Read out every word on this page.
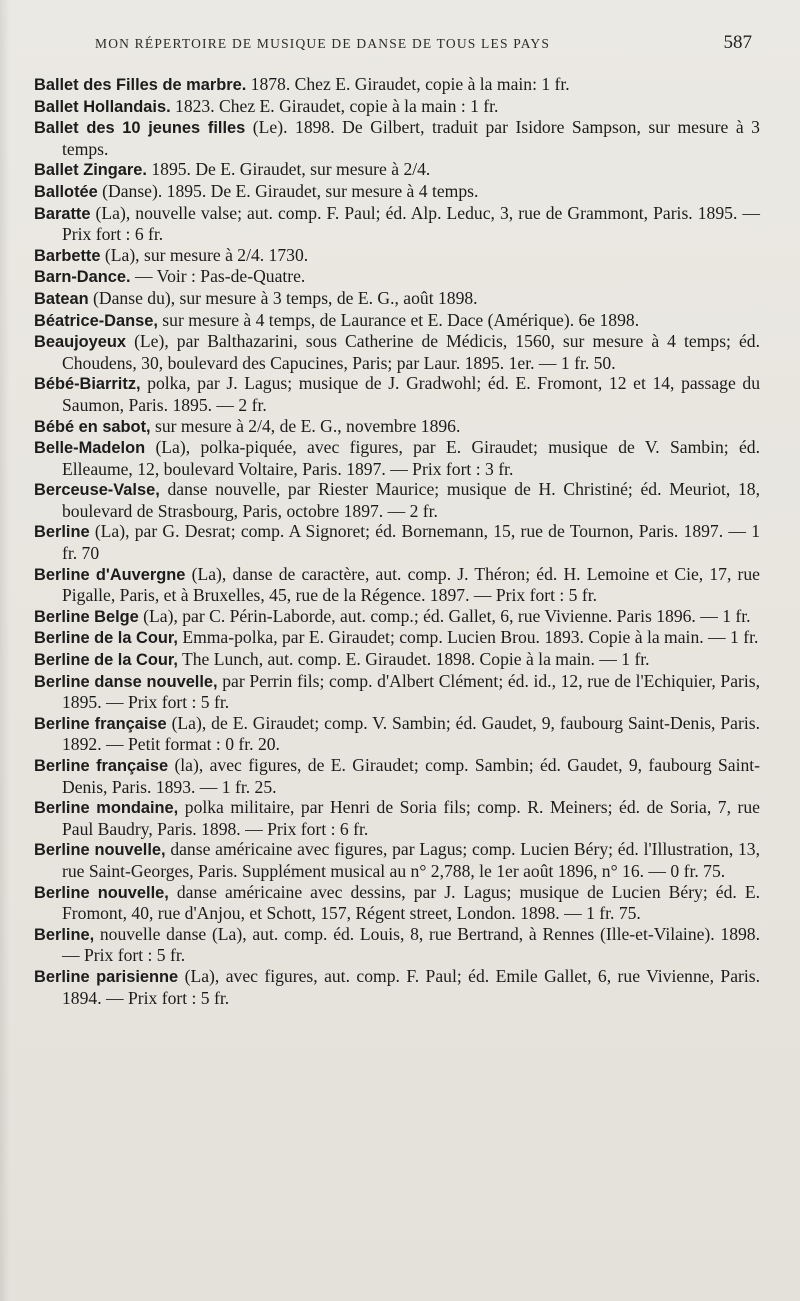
MON RÉPERTOIRE DE MUSIQUE DE DANSE DE TOUS LES PAYS	587

Ballet des Filles de marbre. 1878. Chez E. Giraudet, copie à la main: 1 fr.

Ballet Hollandais. 1823. Chez E. Giraudet, copie à la main : 1 fr.

Ballet des 10 jeunes filles (Le). 1898. De Gilbert, traduit par Isidore Sampson, sur mesure à 3 temps.

Ballet Zingare. 1895. De E. Giraudet, sur mesure à 2/4.

Ballotée (Danse). 1895. De E. Giraudet, sur mesure à 4 temps.

Baratte (La), nouvelle valse; aut. comp. F. Paul; éd. Alp. Leduc, 3, rue de Grammont, Paris. 1895. — Prix fort : 6 fr.

Barbette (La), sur mesure à 2/4. 1730.

Barn-Dance. — Voir : Pas-de-Quatre.

Batean (Danse du), sur mesure à 3 temps, de E. G., août 1898.

Béatrice-Danse, sur mesure à 4 temps, de Laurance et E. Dace (Amérique). 6e 1898.

Beaujoyeux (Le), par Balthazarini, sous Catherine de Médicis, 1560, sur mesure à 4 temps; éd. Choudens, 30, boulevard des Capucines, Paris; par Laur. 1895. 1er. — 1 fr. 50.

Bébé-Biarritz, polka, par J. Lagus; musique de J. Gradwohl; éd. E. Fromont, 12 et 14, passage du Saumon, Paris. 1895. — 2 fr.

Bébé en sabot, sur mesure à 2/4, de E. G., novembre 1896.

Belle-Madelon (La), polka-piquée, avec figures, par E. Giraudet; musique de V. Sambin; éd. Elleaume, 12, boulevard Voltaire, Paris. 1897. — Prix fort : 3 fr.

Berceuse-Valse, danse nouvelle, par Riester Maurice; musique de H. Christiné; éd. Meuriot, 18, boulevard de Strasbourg, Paris, octobre 1897. — 2 fr.

Berline (La), par G. Desrat; comp. A Signoret; éd. Bornemann, 15, rue de Tournon, Paris. 1897. — 1 fr. 70

Berline d'Auvergne (La), danse de caractère, aut. comp. J. Théron; éd. H. Lemoine et Cie, 17, rue Pigalle, Paris, et à Bruxelles, 45, rue de la Régence. 1897. — Prix fort : 5 fr.

Berline Belge (La), par C. Périn-Laborde, aut. comp.; éd. Gallet, 6, rue Vivienne. Paris 1896. — 1 fr.

Berline de la Cour, Emma-polka, par E. Giraudet; comp. Lucien Brou. 1893. Copie à la main. — 1 fr.

Berline de la Cour, The Lunch, aut. comp. E. Giraudet. 1898. Copie à la main. — 1 fr.

Berline danse nouvelle, par Perrin fils; comp. d'Albert Clément; éd. id., 12, rue de l'Echiquier, Paris, 1895. — Prix fort : 5 fr.

Berline française (La), de E. Giraudet; comp. V. Sambin; éd. Gaudet, 9, faubourg Saint-Denis, Paris. 1892. — Petit format : 0 fr. 20.

Berline française (la), avec figures, de E. Giraudet; comp. Sambin; éd. Gaudet, 9, faubourg Saint-Denis, Paris. 1893. — 1 fr. 25.

Berline mondaine, polka militaire, par Henri de Soria fils; comp. R. Meiners; éd. de Soria, 7, rue Paul Baudry, Paris. 1898. — Prix fort : 6 fr.

Berline nouvelle, danse américaine avec figures, par Lagus; comp. Lucien Béry; éd. l'Illustration, 13, rue Saint-Georges, Paris. Supplément musical au n° 2,788, le 1er août 1896, n° 16. — 0 fr. 75.

Berline nouvelle, danse américaine avec dessins, par J. Lagus; musique de Lucien Béry; éd. E. Fromont, 40, rue d'Anjou, et Schott, 157, Régent street, London. 1898. — 1 fr. 75.

Berline, nouvelle danse (La), aut. comp. éd. Louis, 8, rue Bertrand, à Rennes (Ille-et-Vilaine). 1898. — Prix fort : 5 fr.

Berline parisienne (La), avec figures, aut. comp. F. Paul; éd. Emile Gallet, 6, rue Vivienne, Paris. 1894. — Prix fort : 5 fr.
